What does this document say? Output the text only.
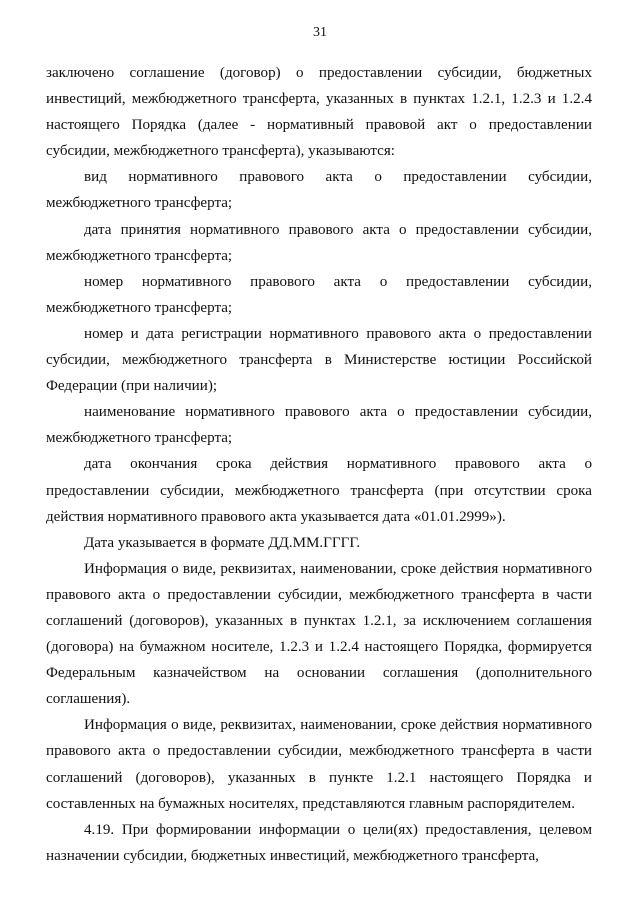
31

заключено соглашение (договор) о предоставлении субсидии, бюджетных инвестиций, межбюджетного трансферта, указанных в пунктах 1.2.1, 1.2.3 и 1.2.4 настоящего Порядка (далее - нормативный правовой акт о предоставлении субсидии, межбюджетного трансферта), указываются:

вид нормативного правового акта о предоставлении субсидии, межбюджетного трансферта;

дата принятия нормативного правового акта о предоставлении субсидии, межбюджетного трансферта;

номер нормативного правового акта о предоставлении субсидии, межбюджетного трансферта;

номер и дата регистрации нормативного правового акта о предоставлении субсидии, межбюджетного трансферта в Министерстве юстиции Российской Федерации (при наличии);

наименование нормативного правового акта о предоставлении субсидии, межбюджетного трансферта;

дата окончания срока действия нормативного правового акта о предоставлении субсидии, межбюджетного трансферта (при отсутствии срока действия нормативного правового акта указывается дата «01.01.2999»).

Дата указывается в формате ДД.ММ.ГГГГ.

Информация о виде, реквизитах, наименовании, сроке действия нормативного правового акта о предоставлении субсидии, межбюджетного трансферта в части соглашений (договоров), указанных в пунктах 1.2.1, за исключением соглашения (договора) на бумажном носителе, 1.2.3 и 1.2.4 настоящего Порядка, формируется Федеральным казначейством на основании соглашения (дополнительного соглашения).

Информация о виде, реквизитах, наименовании, сроке действия нормативного правового акта о предоставлении субсидии, межбюджетного трансферта в части соглашений (договоров), указанных в пункте 1.2.1 настоящего Порядка и составленных на бумажных носителях, представляются главным распорядителем.

4.19. При формировании информации о цели(ях) предоставления, целевом назначении субсидии, бюджетных инвестиций, межбюджетного трансферта,
